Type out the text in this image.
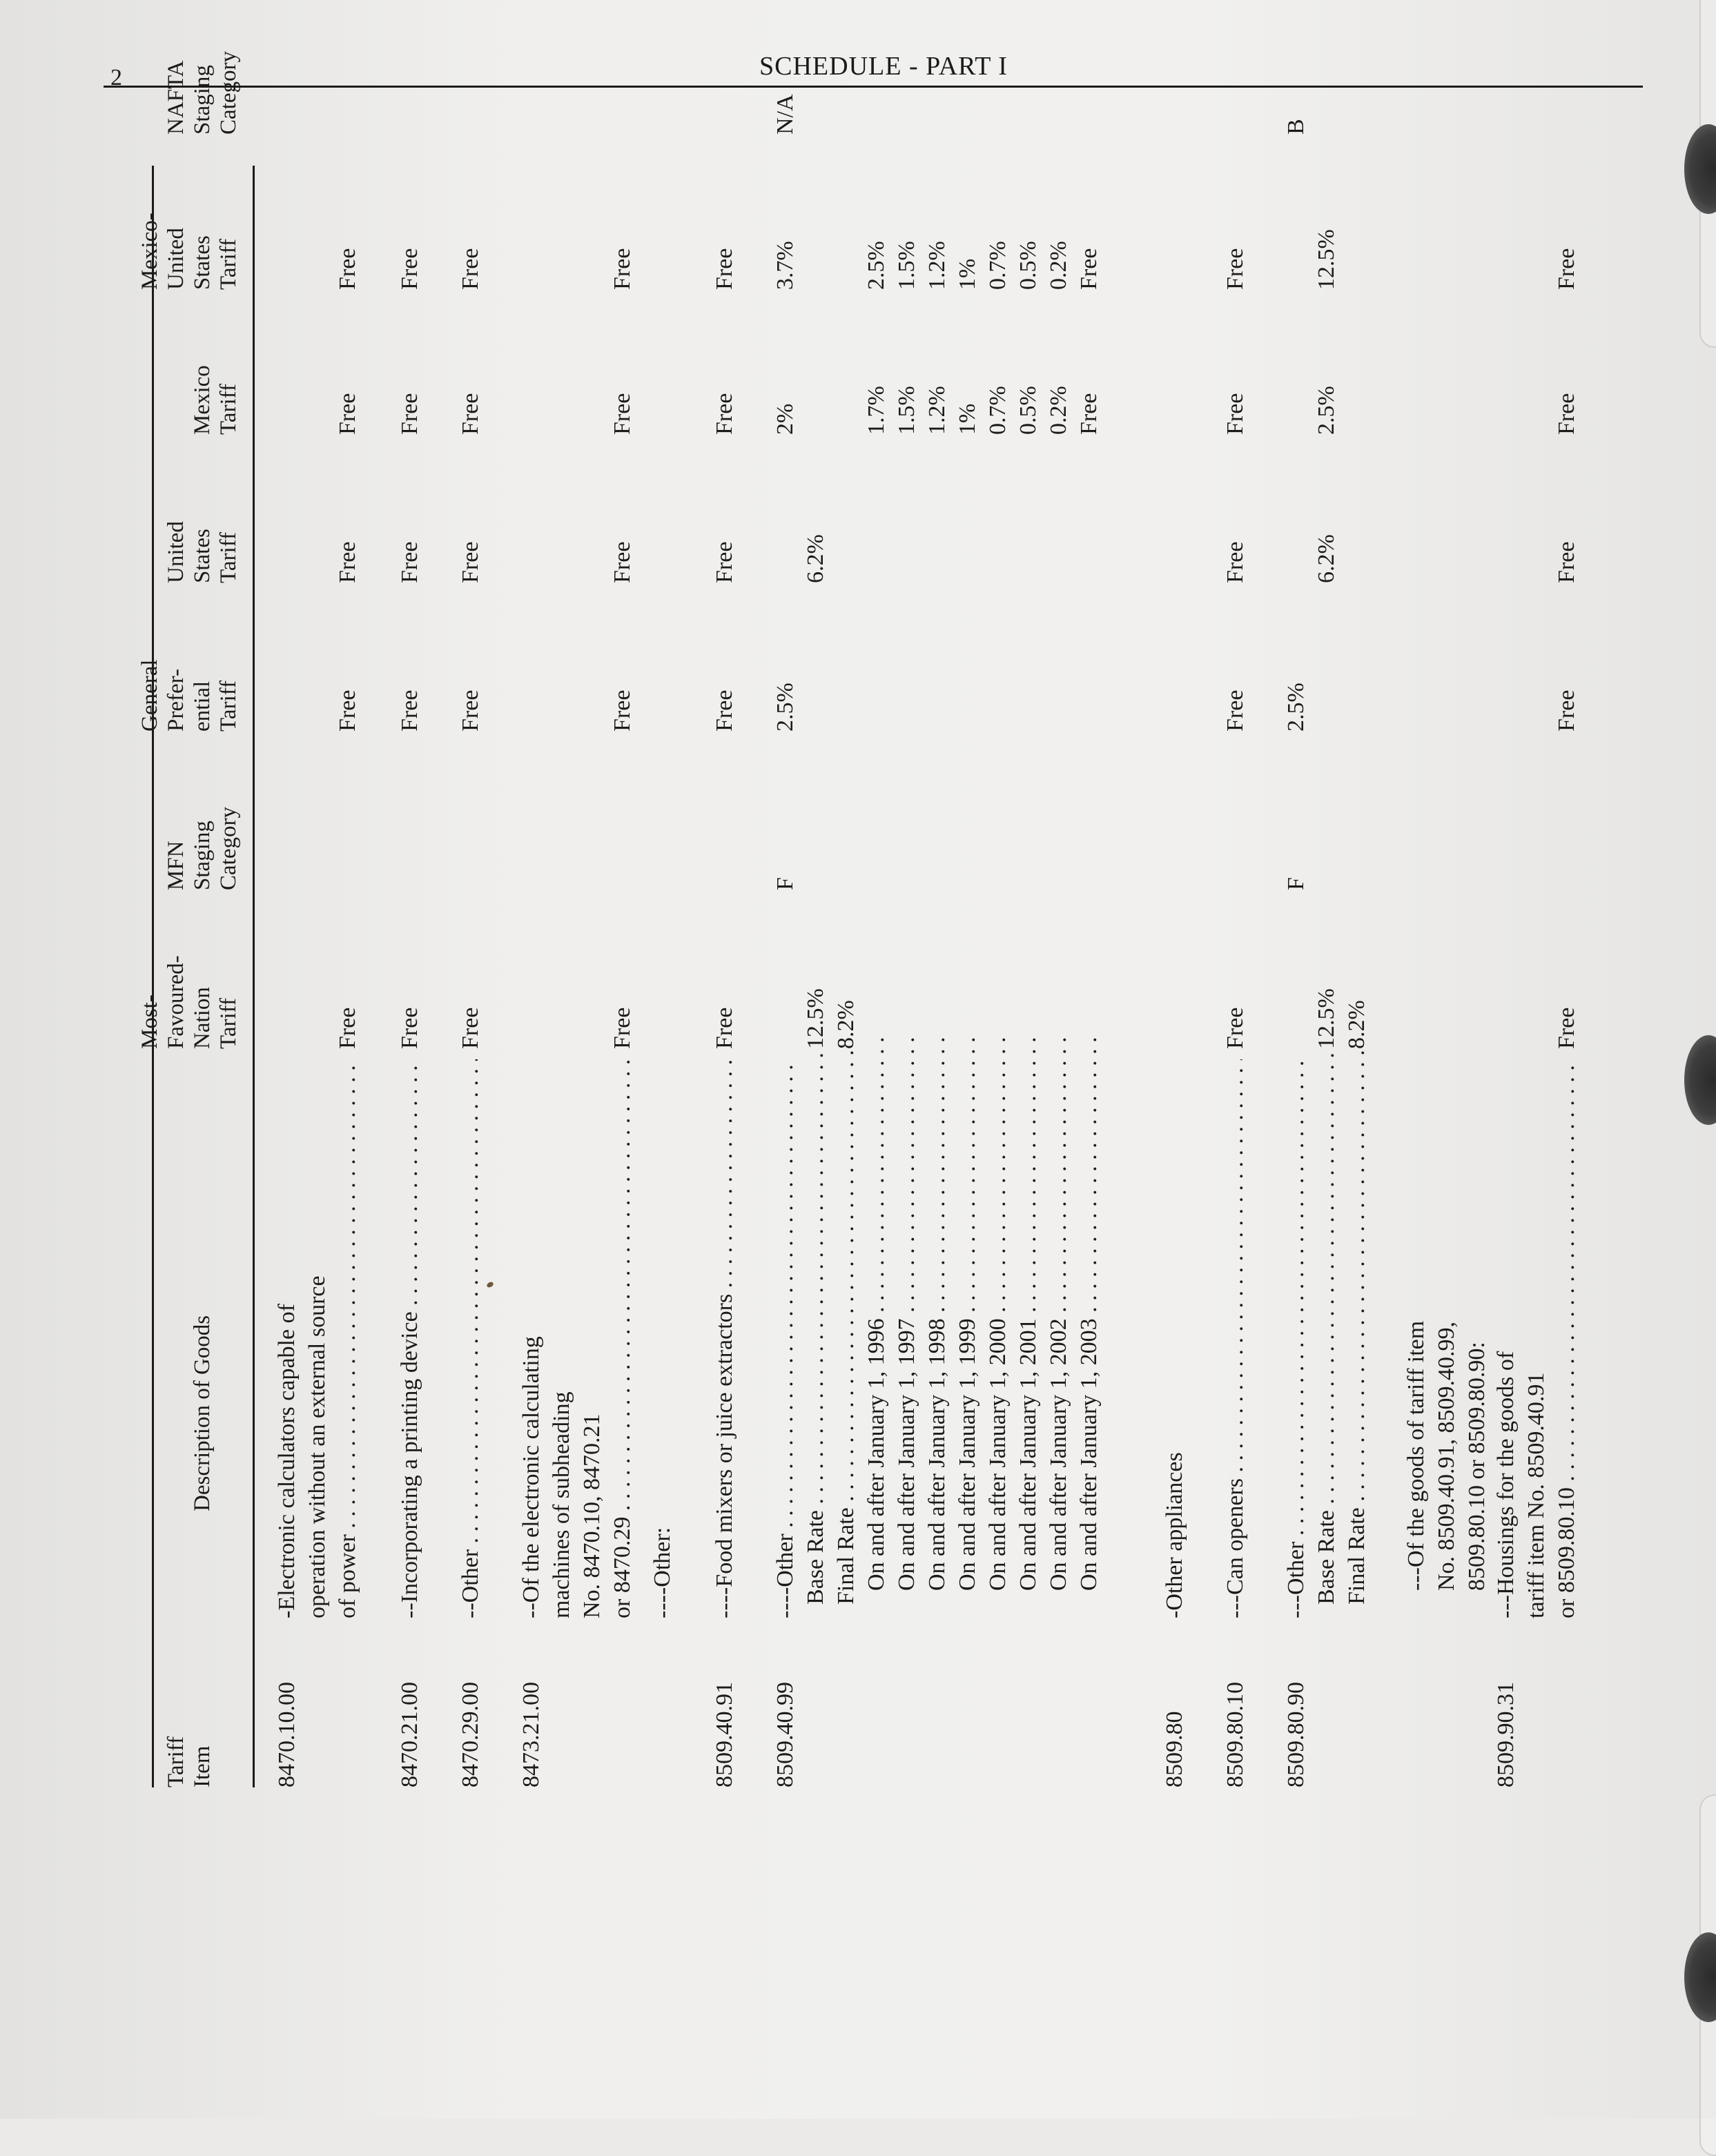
2	SCHEDULE - PART I
Tariff Item
Description of Goods
Most- Favoured- Nation Tariff
MFN Staging Category
General Prefer- ential Tariff
United States Tariff
Mexico Tariff
Mexico- United States Tariff
NAFTA Staging Category
8470.10.00
-Electronic calculators capable of operation without an external source of power . . .
Free
Free
Free
Free
Free
8470.21.00
--Incorporating a printing device . . .
Free
Free
Free
Free
Free
8470.29.00
--Other . . .
Free
Free
Free
Free
Free
8473.21.00
--Of the electronic calculating machines of subheading No. 8470.10, 8470.21 or 8470.29 . . .
Free
Free
Free
Free
Free
----Other:
8509.40.91
----Food mixers or juice extractors . . .
Free
Free
Free
Free
Free
8509.40.99
----Other . . .
F
2.5%
2%
3.7%
N/A
Base Rate . . .
12.5%
6.2%
Final Rate . . .
8.2%
On and after January 1, 1996 . . .
1.7%
2.5%
On and after January 1, 1997 . . .
1.5%
1.5%
On and after January 1, 1998 . . .
1.2%
1.2%
On and after January 1, 1999 . . .
1%
1%
On and after January 1, 2000 . . .
0.7%
0.7%
On and after January 1, 2001 . . .
0.5%
0.5%
On and after January 1, 2002 . . .
0.2%
0.2%
On and after January 1, 2003 . . .
Free
Free
8509.80
-Other appliances
8509.80.10
---Can openers . . .
Free
Free
Free
Free
Free
8509.80.90
---Other . . .
F
2.5%
B
Base Rate . . .
12.5%
6.2%
2.5%
12.5%
Final Rate . . .
8.2%
---Of the goods of tariff item No. 8509.40.91, 8509.40.99, 8509.80.10 or 8509.80.90:
8509.90.31
---Housings for the goods of tariff item No. 8509.40.91 or 8509.80.10 . . .
Free
Free
Free
Free
Free
